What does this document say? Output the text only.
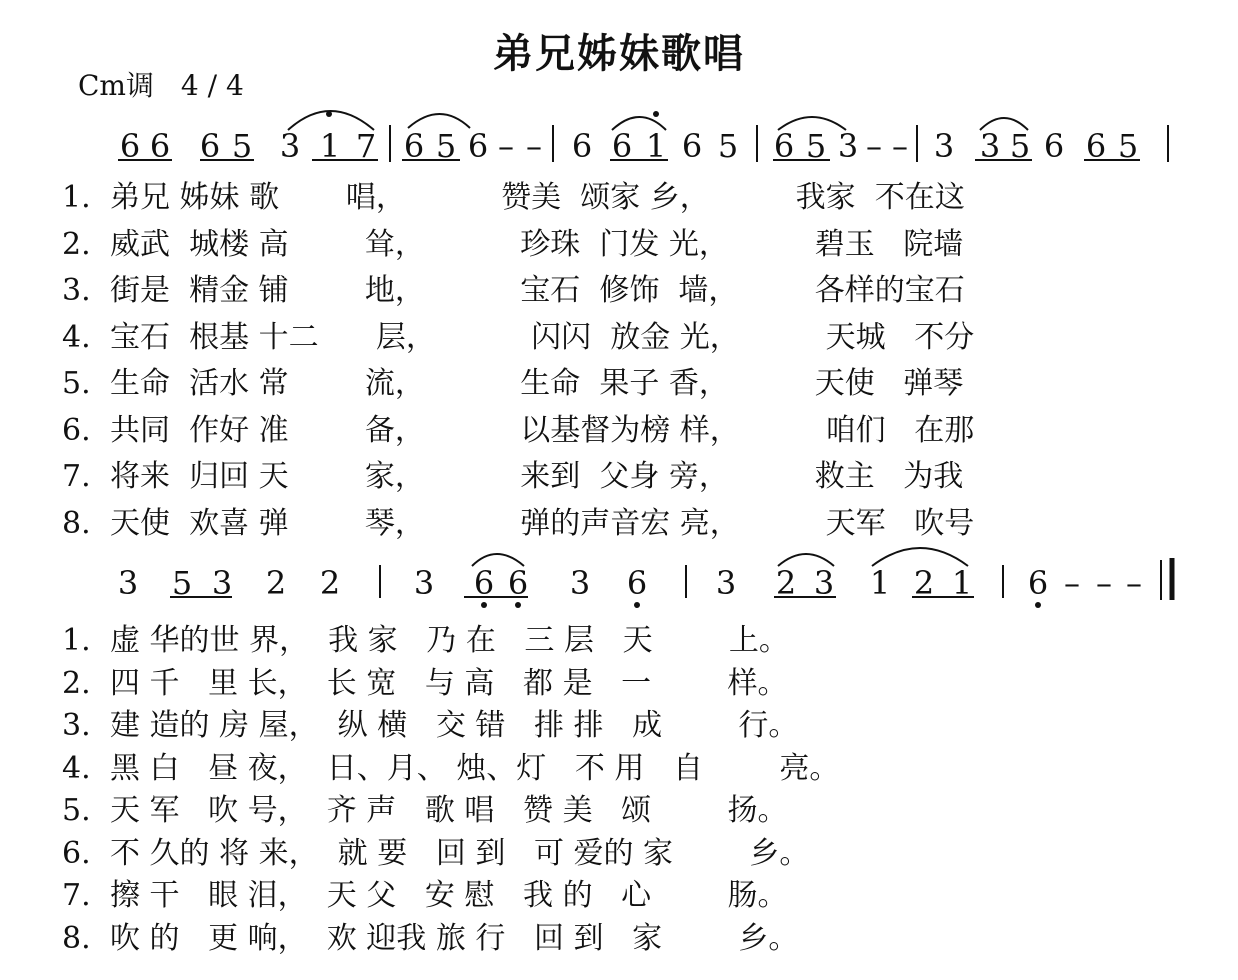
弟兄姊妹歌唱
Cm调 4 / 4
6 6 6 5 3 1 7 6 5 6 – – 6 6 1 6 5 6 5 3 – – 3 3 5 6 6 5
3 5 3 2 2 3 6 6 3 6 3 2 3 1 2 1 6 – – –
1. 弟兄 姊妹 歌       唱，          赞美  颂家 乡，         我家  不在这
2. 威武  城楼 高        耸，          珍珠  门发 光，         碧玉   院墙
3. 街是  精金 铺        地，          宝石  修饰  墙，        各样的宝石
4. 宝石  根基 十二      层，          闪闪  放金 光，         天城   不分
5. 生命  活水 常        流，          生命  果子 香，         天使   弹琴
6. 共同  作好 准        备，          以基督为榜 样，         咱们   在那
7. 将来  归回 天        家，          来到  父身 旁，         救主   为我
8. 天使  欢喜 弹        琴，          弹的声音宏 亮，         天军   吹号
1. 虚 华的世 界，  我 家   乃 在   三 层   天        上。
2. 四 千   里 长，  长 宽   与 高   都 是   一        样。
3. 建 造的 房 屋，  纵 横   交 错   排 排   成        行。
4. 黑 白   昼 夜，  日、月、 烛、灯   不 用   自        亮。
5. 天 军   吹 号，  齐 声   歌 唱   赞 美   颂        扬。
6. 不 久的 将 来，  就 要   回 到   可 爱的 家        乡。
7. 擦 干   眼 泪，  天 父   安 慰   我 的   心        肠。
8. 吹 的   更 响，  欢 迎我 旅 行   回 到   家        乡。
